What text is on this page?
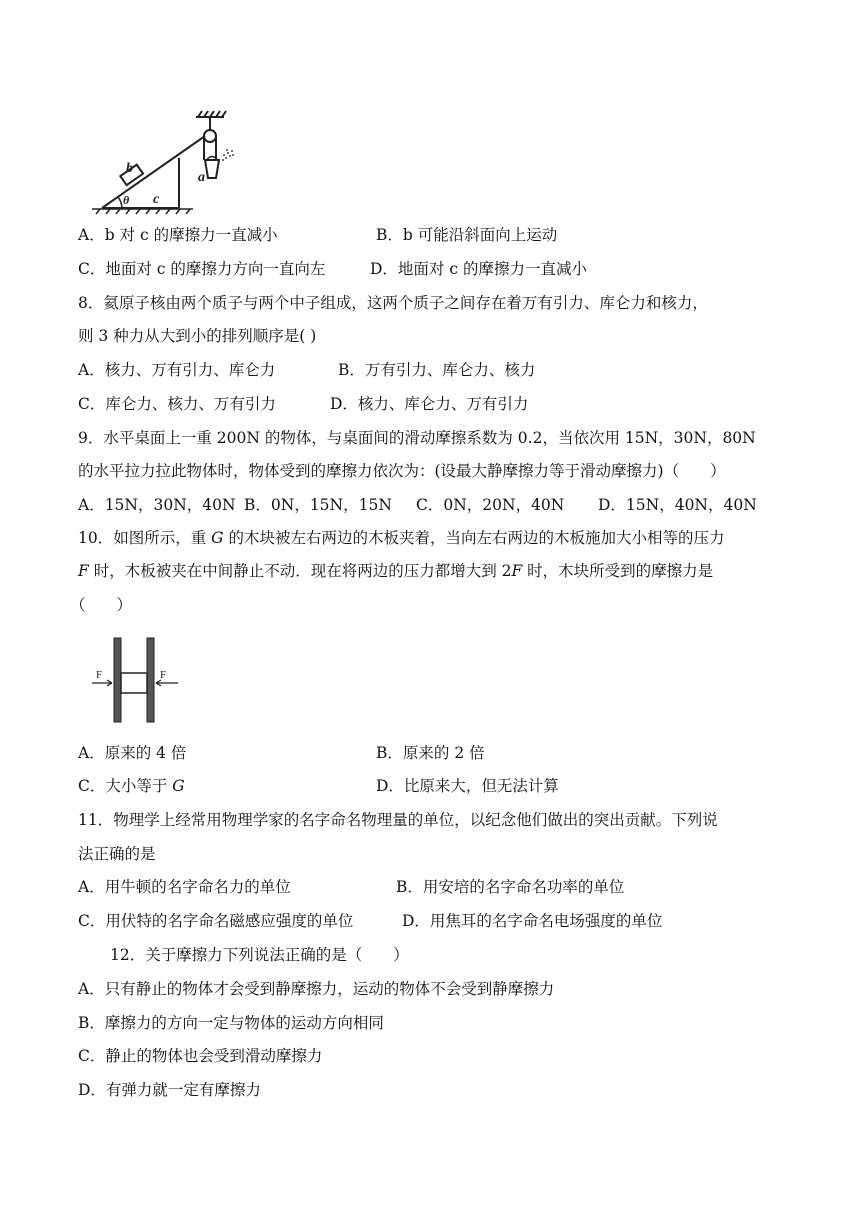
b
a
c
θ
A．b 对 c 的摩擦力一直减小	B．b 可能沿斜面向上运动
C．地面对 c 的摩擦力方向一直向左	D．地面对 c 的摩擦力一直减小
8．氦原子核由两个质子与两个中子组成，这两个质子之间存在着万有引力、库仑力和核力，
则 3 种力从大到小的排列顺序是( )
A．核力、万有引力、库仑力	B．万有引力、库仑力、核力
C．库仑力、核力、万有引力	D．核力、库仑力、万有引力
9．水平桌面上一重 200N 的物体，与桌面间的滑动摩擦系数为 0.2，当依次用 15N，30N，80N
的水平拉力拉此物体时，物体受到的摩擦力依次为：(设最大静摩擦力等于滑动摩擦力)（　　）
A．15N，30N，40N B．0N，15N，15N C．0N，20N，40N D．15N，40N，40N
10．如图所示，重 G 的木块被左右两边的木板夹着，当向左右两边的木板施加大小相等的压力
F 时，木板被夹在中间静止不动．现在将两边的压力都增大到 2F 时，木块所受到的摩擦力是
（　　）
F	F
A．原来的 4 倍	B．原来的 2 倍
C．大小等于 G	D．比原来大，但无法计算
11．物理学上经常用物理学家的名字命名物理量的单位，以纪念他们做出的突出贡献。下列说
法正确的是
A．用牛顿的名字命名力的单位	B．用安培的名字命名功率的单位
C．用伏特的名字命名磁感应强度的单位	D．用焦耳的名字命名电场强度的单位
12．关于摩擦力下列说法正确的是（　　）
A．只有静止的物体才会受到静摩擦力，运动的物体不会受到静摩擦力
B．摩擦力的方向一定与物体的运动方向相同
C．静止的物体也会受到滑动摩擦力
D．有弹力就一定有摩擦力
